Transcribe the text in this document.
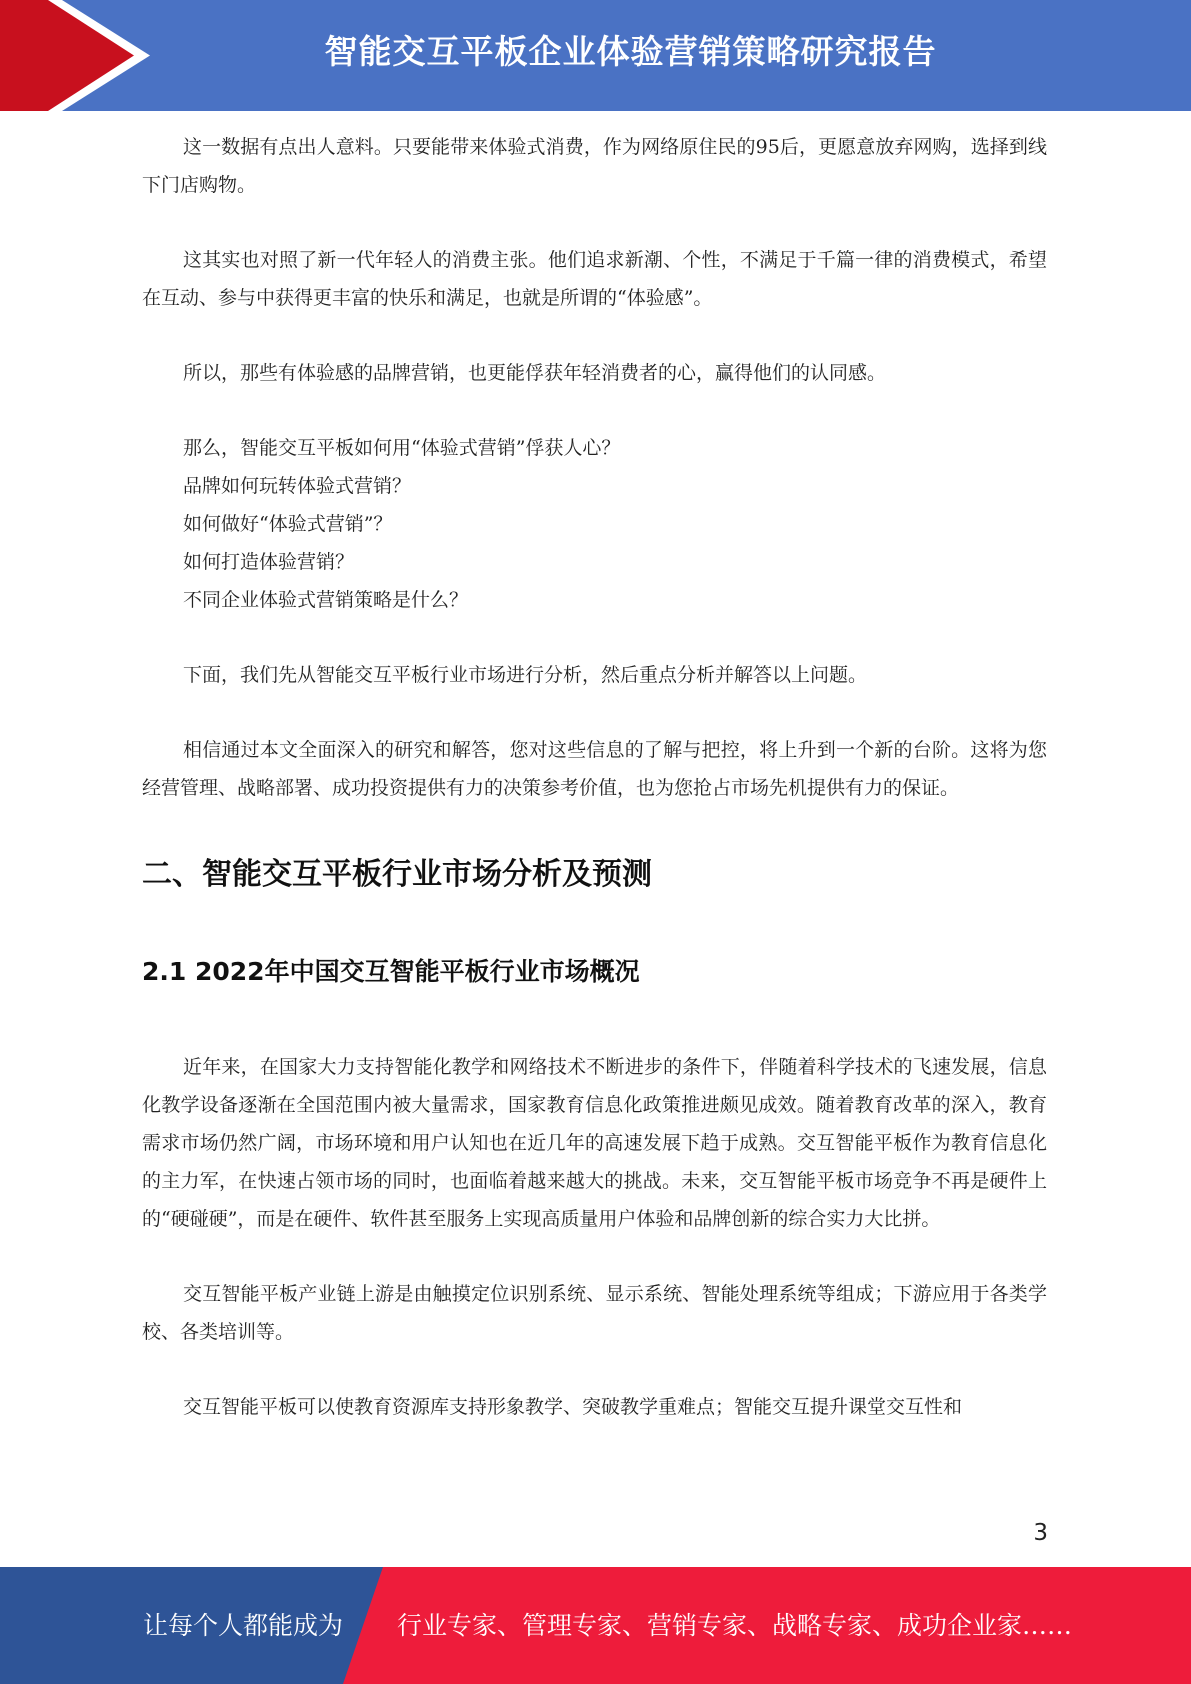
智能交互平板企业体验营销策略研究报告

这一数据有点出人意料。只要能带来体验式消费，作为网络原住民的95后，更愿意放弃网购，选择到线下门店购物。

这其实也对照了新一代年轻人的消费主张。他们追求新潮、个性，不满足于千篇一律的消费模式，希望在互动、参与中获得更丰富的快乐和满足，也就是所谓的“体验感”。

所以，那些有体验感的品牌营销，也更能俘获年轻消费者的心，赢得他们的认同感。

那么，智能交互平板如何用“体验式营销”俘获人心？

品牌如何玩转体验式营销？

如何做好“体验式营销”？

如何打造体验营销？

不同企业体验式营销策略是什么？

下面，我们先从智能交互平板行业市场进行分析，然后重点分析并解答以上问题。

相信通过本文全面深入的研究和解答，您对这些信息的了解与把控，将上升到一个新的台阶。这将为您经营管理、战略部署、成功投资提供有力的决策参考价值，也为您抢占市场先机提供有力的保证。

二、智能交互平板行业市场分析及预测
2.1 2022年中国交互智能平板行业市场概况

近年来，在国家大力支持智能化教学和网络技术不断进步的条件下，伴随着科学技术的飞速发展，信息化教学设备逐渐在全国范围内被大量需求，国家教育信息化政策推进颇见成效。随着教育改革的深入，教育需求市场仍然广阔，市场环境和用户认知也在近几年的高速发展下趋于成熟。交互智能平板作为教育信息化的主力军，在快速占领市场的同时，也面临着越来越大的挑战。未来，交互智能平板市场竞争不再是硬件上的“硬碰硬”，而是在硬件、软件甚至服务上实现高质量用户体验和品牌创新的综合实力大比拼。

交互智能平板产业链上游是由触摸定位识别系统、显示系统、智能处理系统等组成；下游应用于各类学校、各类培训等。

交互智能平板可以使教育资源库支持形象教学、突破教学重难点；智能交互提升课堂交互性和

3
让每个人都能成为 行业专家、管理专家、营销专家、战略专家、成功企业家……
